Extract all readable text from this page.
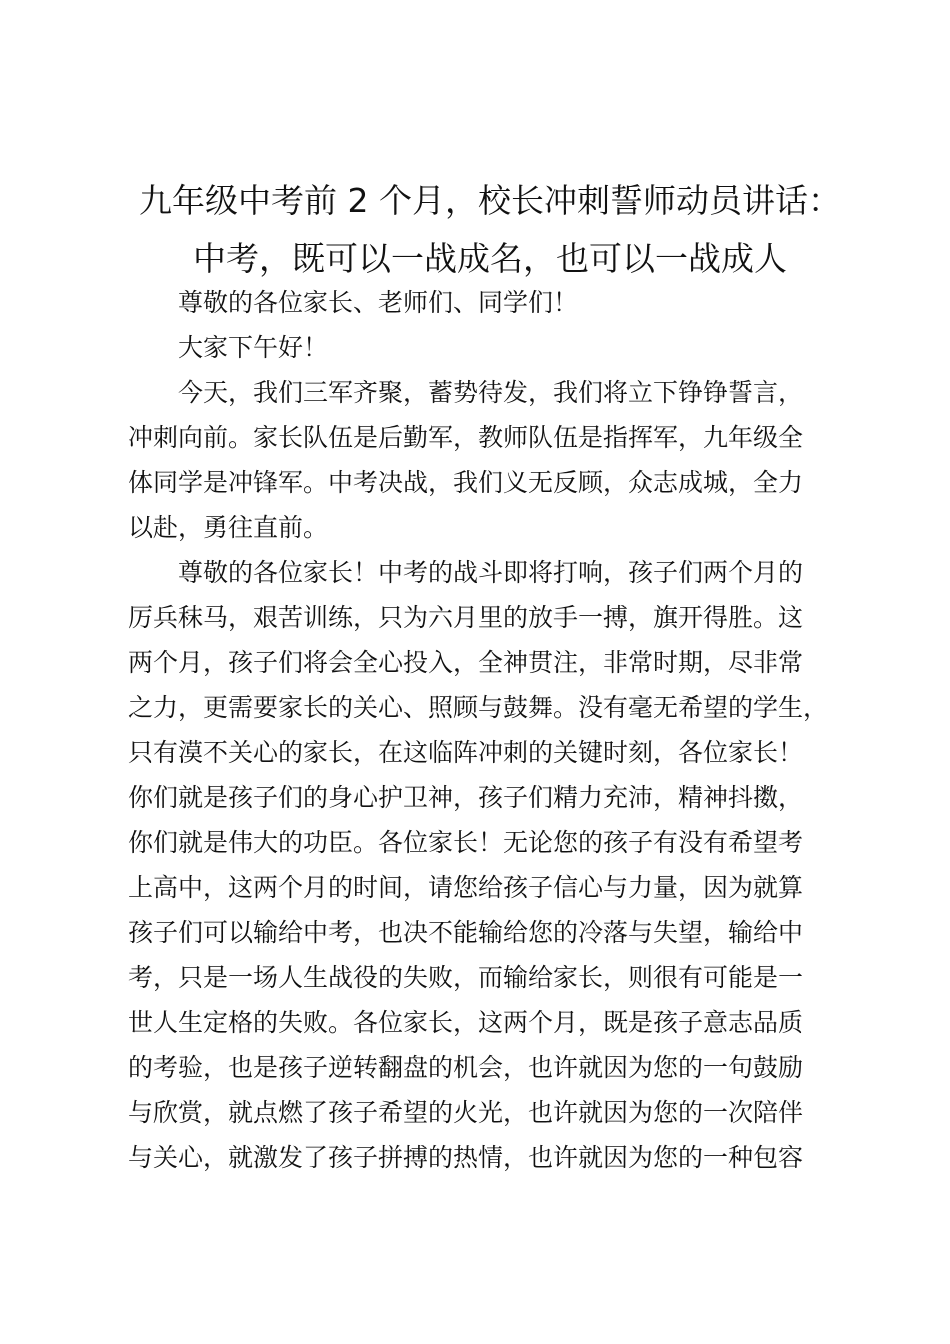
九年级中考前 2 个月，校长冲刺誓师动员讲话：
中考，既可以一战成名，也可以一战成人
尊敬的各位家长、老师们、同学们！
大家下午好！
今天，我们三军齐聚，蓄势待发，我们将立下铮铮誓言，
冲刺向前。家长队伍是后勤军，教师队伍是指挥军，九年级全
体同学是冲锋军。中考决战，我们义无反顾，众志成城，全力
以赴，勇往直前。
尊敬的各位家长！中考的战斗即将打响，孩子们两个月的
厉兵秣马，艰苦训练，只为六月里的放手一搏，旗开得胜。这
两个月，孩子们将会全心投入，全神贯注，非常时期，尽非常
之力，更需要家长的关心、照顾与鼓舞。没有毫无希望的学生，
只有漠不关心的家长，在这临阵冲刺的关键时刻，各位家长！
你们就是孩子们的身心护卫神，孩子们精力充沛，精神抖擞，
你们就是伟大的功臣。各位家长！无论您的孩子有没有希望考
上高中，这两个月的时间，请您给孩子信心与力量，因为就算
孩子们可以输给中考，也决不能输给您的冷落与失望，输给中
考，只是一场人生战役的失败，而输给家长，则很有可能是一
世人生定格的失败。各位家长，这两个月，既是孩子意志品质
的考验，也是孩子逆转翻盘的机会，也许就因为您的一句鼓励
与欣赏，就点燃了孩子希望的火光，也许就因为您的一次陪伴
与关心，就激发了孩子拼搏的热情，也许就因为您的一种包容
